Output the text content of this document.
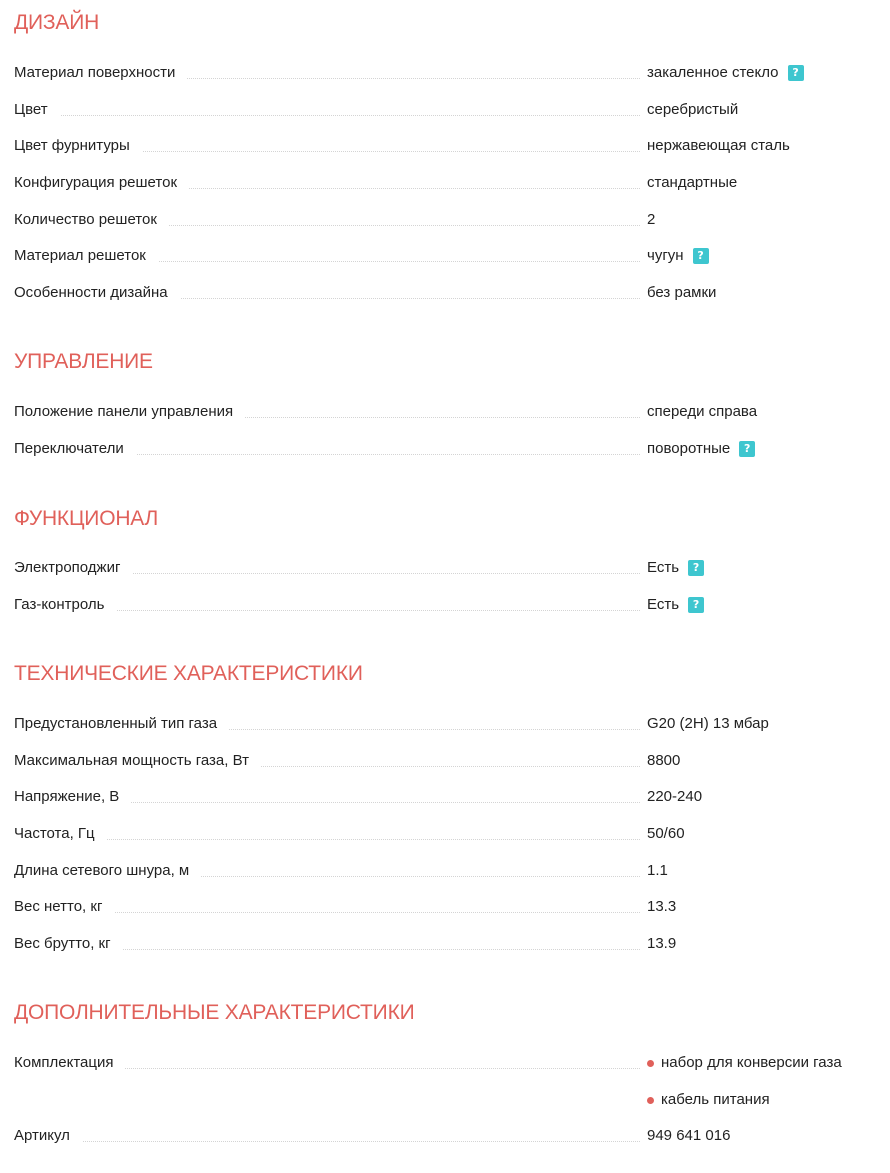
ДИЗАЙН
Материал поверхности	закаленное стекло	?
Цвет	серебристый
Цвет фурнитуры	нержавеющая сталь
Конфигурация решеток	стандартные
Количество решеток	2
Материал решеток	чугун	?
Особенности дизайна	без рамки
УПРАВЛЕНИЕ
Положение панели управления	спереди справа
Переключатели	поворотные	?
ФУНКЦИОНАЛ
Электроподжиг	Есть	?
Газ-контроль	Есть	?
ТЕХНИЧЕСКИЕ ХАРАКТЕРИСТИКИ
Предустановленный тип газа	G20 (2H) 13 мбар
Максимальная мощность газа, Вт	8800
Напряжение, В	220-240
Частота, Гц	50/60
Длина сетевого шнура, м	1.1
Вес нетто, кг	13.3
Вес брутто, кг	13.9
ДОПОЛНИТЕЛЬНЫЕ ХАРАКТЕРИСТИКИ
Комплектация	набор для конверсии газа
кабель питания
Артикул	949 641 016
